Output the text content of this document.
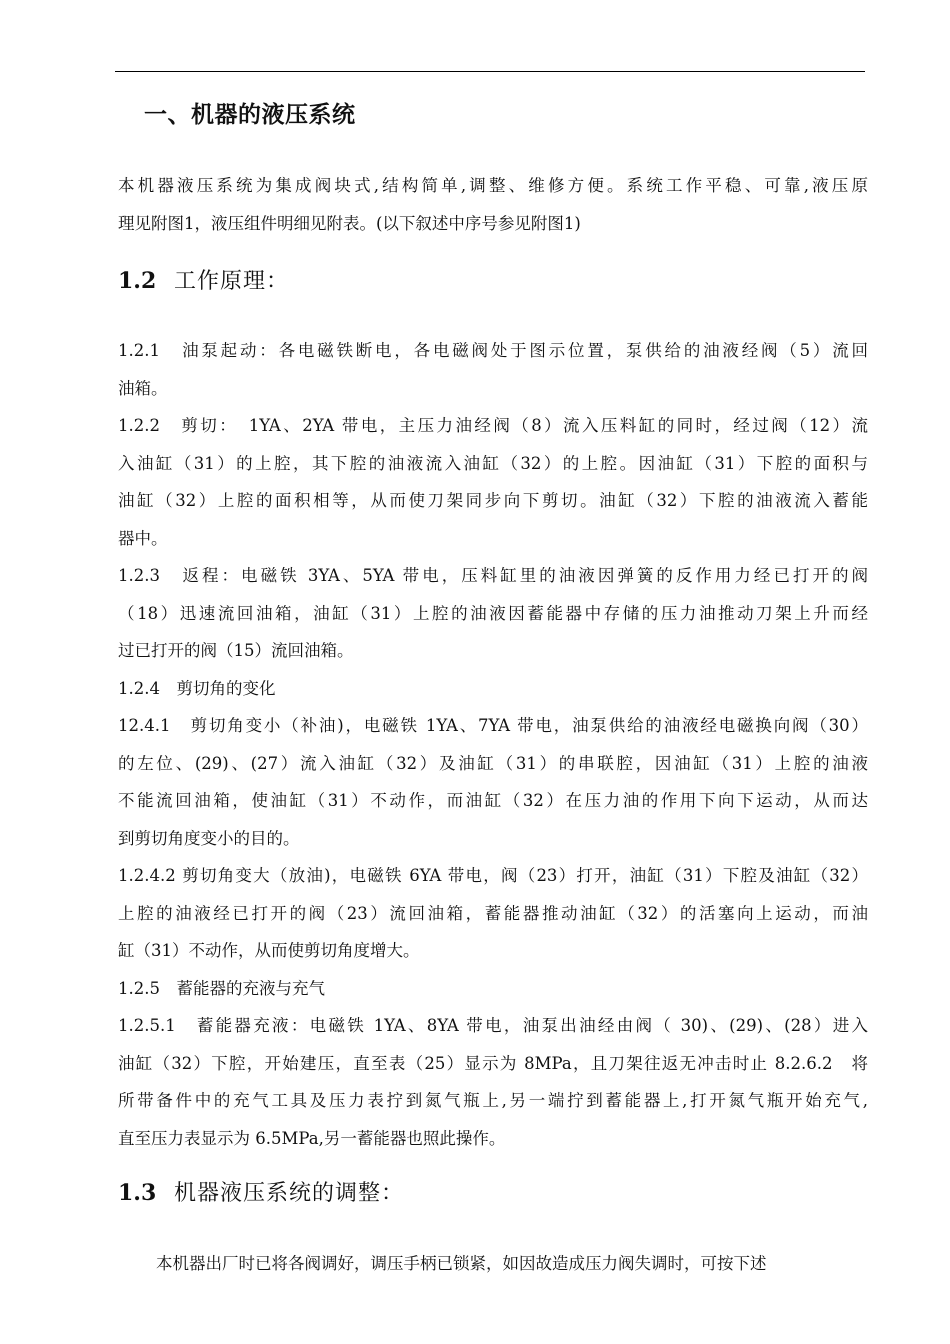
一、机器的液压系统
本机器液压系统为集成阀块式,结构简单,调整、维修方便。系统工作平稳、可靠,液压原
理见附图1，液压组件明细见附表。(以下叙述中序号参见附图1)
1.2 工作原理：
1.2.1　油泵起动：各电磁铁断电，各电磁阀处于图示位置，泵供给的油液经阀（5）流回
油箱。
1.2.2　剪切：　1YA、2YA 带电，主压力油经阀（8）流入压料缸的同时，经过阀（12）流
入油缸（31）的上腔，其下腔的油液流入油缸（32）的上腔。因油缸（31）下腔的面积与
油缸（32）上腔的面积相等，从而使刀架同步向下剪切。油缸（32）下腔的油液流入蓄能
器中。
1.2.3　返程：电磁铁 3YA、5YA 带电，压料缸里的油液因弹簧的反作用力经已打开的阀
（18）迅速流回油箱，油缸（31）上腔的油液因蓄能器中存储的压力油推动刀架上升而经
过已打开的阀（15）流回油箱。
1.2.4　剪切角的变化
12.4.1　剪切角变小（补油)，电磁铁 1YA、7YA 带电，油泵供给的油液经电磁换向阀（30）
的左位、(29)、(27）流入油缸（32）及油缸（31）的串联腔，因油缸（31）上腔的油液
不能流回油箱，使油缸（31）不动作，而油缸（32）在压力油的作用下向下运动，从而达
到剪切角度变小的目的。
1.2.4.2 剪切角变大（放油)，电磁铁 6YA 带电，阀（23）打开，油缸（31）下腔及油缸（32）
上腔的油液经已打开的阀（23）流回油箱，蓄能器推动油缸（32）的活塞向上运动，而油
缸（31）不动作，从而使剪切角度增大。
1.2.5　蓄能器的充液与充气
1.2.5.1　蓄能器充液：电磁铁 1YA、8YA 带电，油泵出油经由阀（ 30)、(29)、(28）进入
油缸（32）下腔，开始建压，直至表（25）显示为 8MPa，且刀架往返无冲击时止 8.2.6.2　将
所带备件中的充气工具及压力表拧到氮气瓶上,另一端拧到蓄能器上,打开氮气瓶开始充气,
直至压力表显示为 6.5MPa,另一蓄能器也照此操作。
1.3 机器液压系统的调整：
本机器出厂时已将各阀调好，调压手柄已锁紧，如因故造成压力阀失调时，可按下述
